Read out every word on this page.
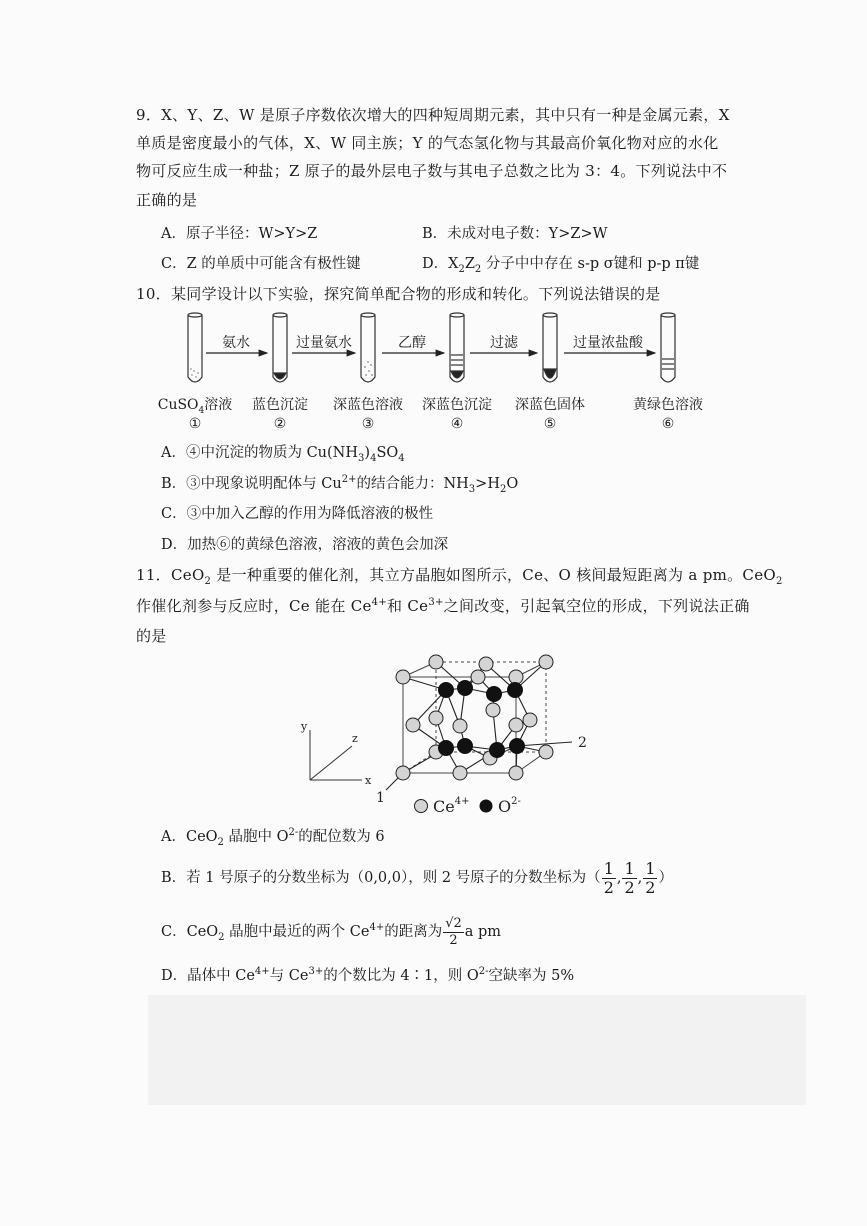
9．X、Y、Z、W 是原子序数依次增大的四种短周期元素，其中只有一种是金属元素，X
单质是密度最小的气体，X、W 同主族；Y 的气态氢化物与其最高价氧化物对应的水化
物可反应生成一种盐；Z 原子的最外层电子数与其电子总数之比为 3：4。下列说法中不
正确的是
A．原子半径：W>Y>Z	B．未成对电子数：Y>Z>W
C．Z 的单质中可能含有极性键	D．$X_2Z_2$ 分子中中存在 s-p σ键和 p-p π键
10．某同学设计以下实验，探究简单配合物的形成和转化。下列说法错误的是
氨水	过量氨水	乙醇	过滤	过量浓盐酸
CuSO$_4$溶液 蓝色沉淀 深蓝色溶液 深蓝色沉淀 深蓝色固体	黄绿色溶液
①	②	③	④	⑤	⑥
A．④中沉淀的物质为 $Cu(NH_3)_4SO_4$
B．③中现象说明配体与 $Cu^{2+}$的结合能力：$NH_3>H_2O$
C．③中加入乙醇的作用为降低溶液的极性
D．加热⑥的黄绿色溶液，溶液的黄色会加深
11．CeO$_2$ 是一种重要的催化剂，其立方晶胞如图所示，Ce、O 核间最短距离为 a pm。CeO$_2$
作催化剂参与反应时，Ce 能在 $Ce^{4+}$和 $Ce^{3+}$之间改变，引起氧空位的形成，下列说法正确
的是
y
z
x
2
1	$Ce^{4+}$ $O^{2-}$
A．CeO$_2$ 晶胞中 $O^{2-}$的配位数为 6
B．若 1 号原子的分数坐标为（0,0,0），则 2 号原子的分数坐标为（ $\frac{1}{2}$ , $\frac{1}{2}$ , $\frac{1}{2}$ ）
C．CeO$_2$ 晶胞中最近的两个 $Ce^{4+}$的距离为 $\frac{√2}{2}$ a pm
D．晶体中 $Ce^{4+}$与 $Ce^{3+}$的个数比为 4∶1，则 $O^{2-}$空缺率为 5%
